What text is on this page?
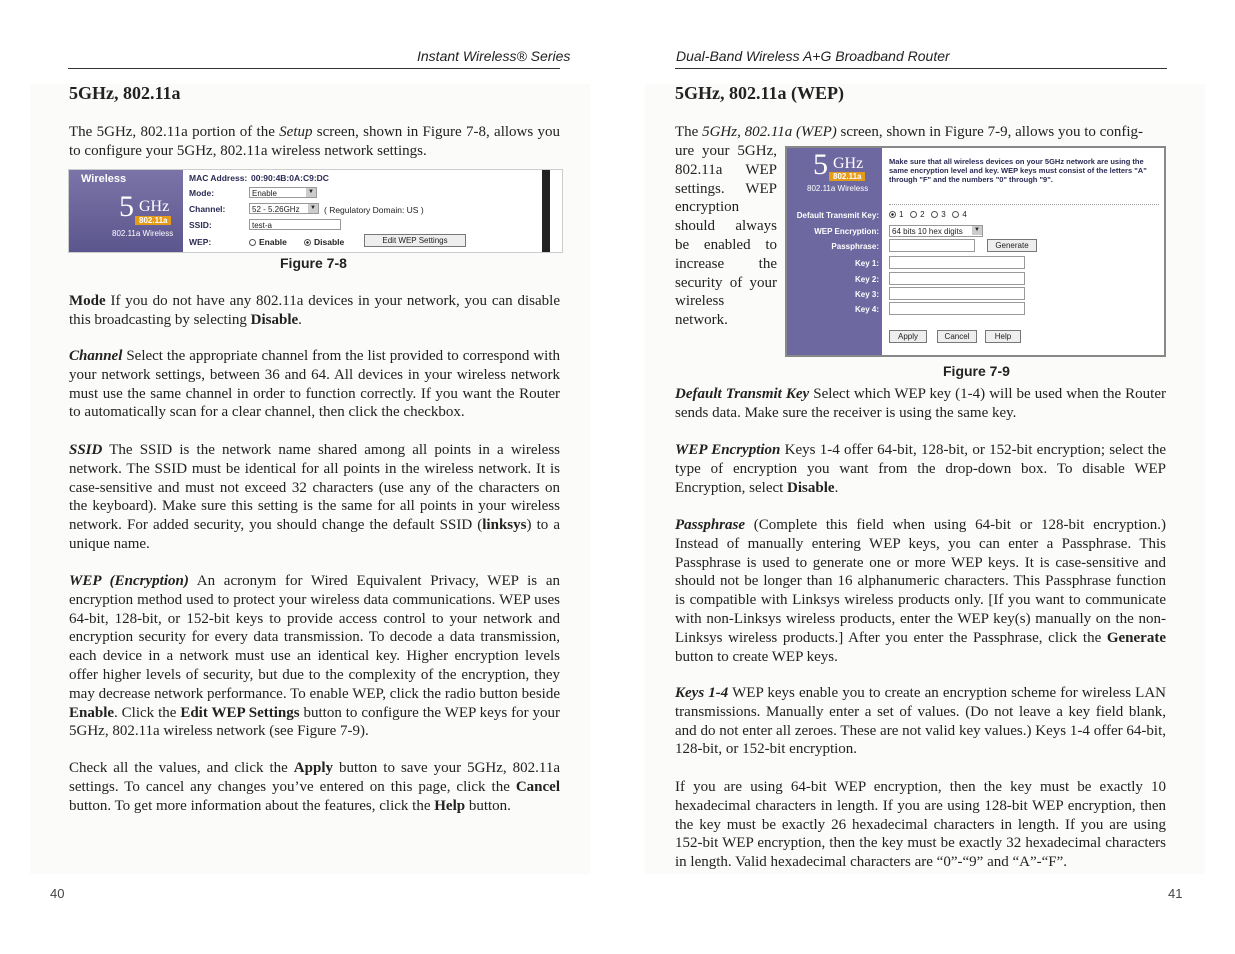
Instant Wireless® Series
5GHz, 802.11a

The 5GHz, 802.11a portion of the Setup screen, shown in Figure 7-8, allows you to configure your 5GHz, 802.11a wireless network settings.

Wireless
5 GHz
802.11a
802.11a Wireless
MAC Address: 00:90:4B:0A:C9:DC
Mode:	Enable	▼
Channel:	52 - 5.26GHz	▼ ( Regulatory Domain: US )
SSID:	test-a
WEP:	Enable	Disable	Edit WEP Settings
Figure 7-8

Mode If you do not have any 802.11a devices in your network, you can disable this broadcasting by selecting Disable.

Channel Select the appropriate channel from the list provided to correspond with your network settings, between 36 and 64. All devices in your wireless network must use the same channel in order to function correctly. If you want the Router to automatically scan for a clear channel, then click the checkbox.

SSID The SSID is the network name shared among all points in a wireless network. The SSID must be identical for all points in the wireless network. It is case-sensitive and must not exceed 32 characters (use any of the characters on the keyboard). Make sure this setting is the same for all points in your wireless network. For added security, you should change the default SSID (linksys) to a unique name.

WEP (Encryption) An acronym for Wired Equivalent Privacy, WEP is an encryption method used to protect your wireless data communications. WEP uses 64-bit, 128-bit, or 152-bit keys to provide access control to your network and encryption security for every data transmission. To decode a data transmission, each device in a network must use an identical key. Higher encryption levels offer higher levels of security, but due to the complexity of the encryption, they may decrease network performance. To enable WEP, click the radio button beside Enable. Click the Edit WEP Settings button to configure the WEP keys for your 5GHz, 802.11a wireless network (see Figure 7-9).

Check all the values, and click the Apply button to save your 5GHz, 802.11a settings. To cancel any changes you’ve entered on this page, click the Cancel button. To get more information about the features, click the Help button.

40
Dual-Band Wireless A+G Broadband Router
5GHz, 802.11a (WEP)

The 5GHz, 802.11a (WEP) screen, shown in Figure 7-9, allows you to config-

ure your 5GHz, 802.11a WEP settings. WEP encryption should always be enabled to increase the security of your wireless network.

5 GHz
802.11a
802.11a Wireless
Make sure that all wireless devices on your 5GHz network are using the same encryption level and key. WEP keys must consist of the letters "A" through "F" and the numbers "0" through "9".
Default Transmit Key:	1 2 3 4
WEP Encryption:	64 bits 10 hex digits	▼
Passphrase:	Generate
Key 1:
Key 2:
Key 3:
Key 4:
Apply	Cancel	Help
Figure 7-9

Default Transmit Key Select which WEP key (1-4) will be used when the Router sends data. Make sure the receiver is using the same key.

WEP Encryption Keys 1-4 offer 64-bit, 128-bit, or 152-bit encryption; select the type of encryption you want from the drop-down box. To disable WEP Encryption, select Disable.

Passphrase (Complete this field when using 64-bit or 128-bit encryption.) Instead of manually entering WEP keys, you can enter a Passphrase. This Passphrase is used to generate one or more WEP keys. It is case-sensitive and should not be longer than 16 alphanumeric characters. This Passphrase function is compatible with Linksys wireless products only. [If you want to communicate with non-Linksys wireless products, enter the WEP key(s) manually on the non-Linksys wireless products.] After you enter the Passphrase, click the Generate button to create WEP keys.

Keys 1-4 WEP keys enable you to create an encryption scheme for wireless LAN transmissions. Manually enter a set of values. (Do not leave a key field blank, and do not enter all zeroes. These are not valid key values.) Keys 1-4 offer 64-bit, 128-bit, or 152-bit encryption.

If you are using 64-bit WEP encryption, then the key must be exactly 10 hexadecimal characters in length. If you are using 128-bit WEP encryption, then the key must be exactly 26 hexadecimal characters in length. If you are using 152-bit WEP encryption, then the key must be exactly 32 hexadecimal characters in length. Valid hexadecimal characters are “0”-“9” and “A”-“F”.

41
